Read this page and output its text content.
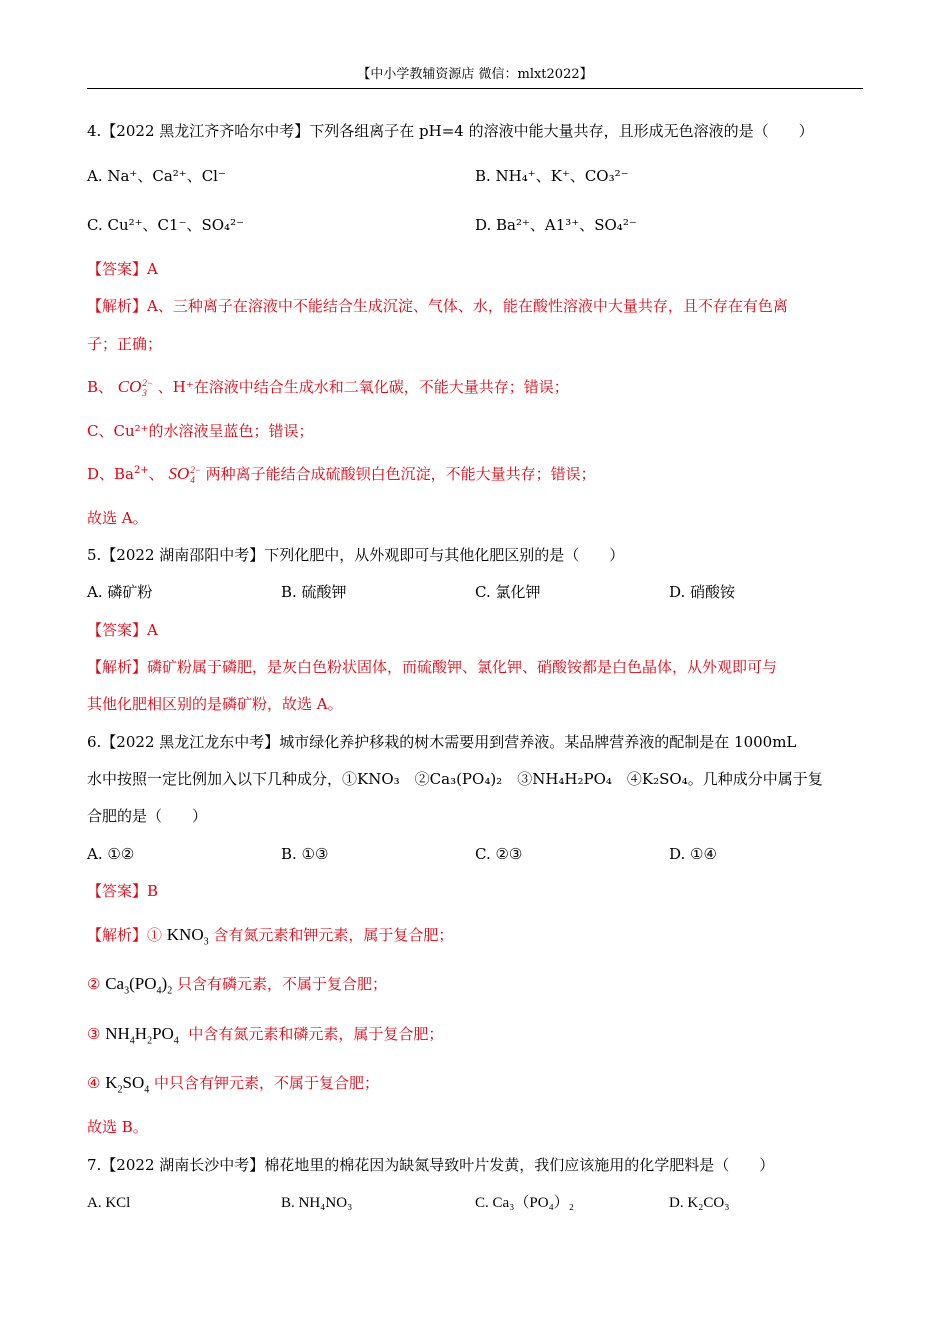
【中小学教辅资源店 微信：mlxt2022】
4.【2022 黑龙江齐齐哈尔中考】下列各组离子在 pH=4 的溶液中能大量共存，且形成无色溶液的是（　　）
A. Na⁺、Ca²⁺、Cl⁻	B. NH₄⁺、K⁺、CO₃²⁻
C. Cu²⁺、C1⁻、SO₄²⁻	D. Ba²⁺、A1³⁺、SO₄²⁻
【答案】A
【解析】A、三种离子在溶液中不能结合生成沉淀、气体、水，能在酸性溶液中大量共存，且不存在有色离
子；正确；
B、 CO 2−
3 、H⁺在溶液中结合生成水和二氧化碳，不能大量共存；错误；
C、Cu²⁺的水溶液呈蓝色；错误；
D、$Ba^{2+}$、 SO 2−
4 两种离子能结合成硫酸钡白色沉淀，不能大量共存；错误；
故选 A。
5.【2022 湖南邵阳中考】下列化肥中，从外观即可与其他化肥区别的是（　　）
A. 磷矿粉	B. 硫酸钾	C. 氯化钾	D. 硝酸铵
【答案】A
【解析】磷矿粉属于磷肥，是灰白色粉状固体，而硫酸钾、氯化钾、硝酸铵都是白色晶体，从外观即可与
其他化肥相区别的是磷矿粉，故选 A。
6.【2022 黑龙江龙东中考】城市绿化养护移栽的树木需要用到营养液。某品牌营养液的配制是在 1000mL
水中按照一定比例加入以下几种成分，①KNO₃　②Ca₃(PO₄)₂　③NH₄H₂PO₄　④K₂SO₄。几种成分中属于复
合肥的是（　　）
A. ①②	B. ①③	C. ②③	D. ①④
【答案】B
【解析】① $KNO_3$ 含有氮元素和钾元素，属于复合肥；
② $Ca_3(PO_4)_2$ 只含有磷元素，不属于复合肥；
③ $NH_4H_2PO_4$ 中含有氮元素和磷元素，属于复合肥；
④ $K_2SO_4$ 中只含有钾元素，不属于复合肥；
故选 B。
7.【2022 湖南长沙中考】棉花地里的棉花因为缺氮导致叶片发黄，我们应该施用的化学肥料是（　　）
A. KCl	B. NH₄NO₃	C. Ca₃（PO₄）₂	D. K₂CO₃
